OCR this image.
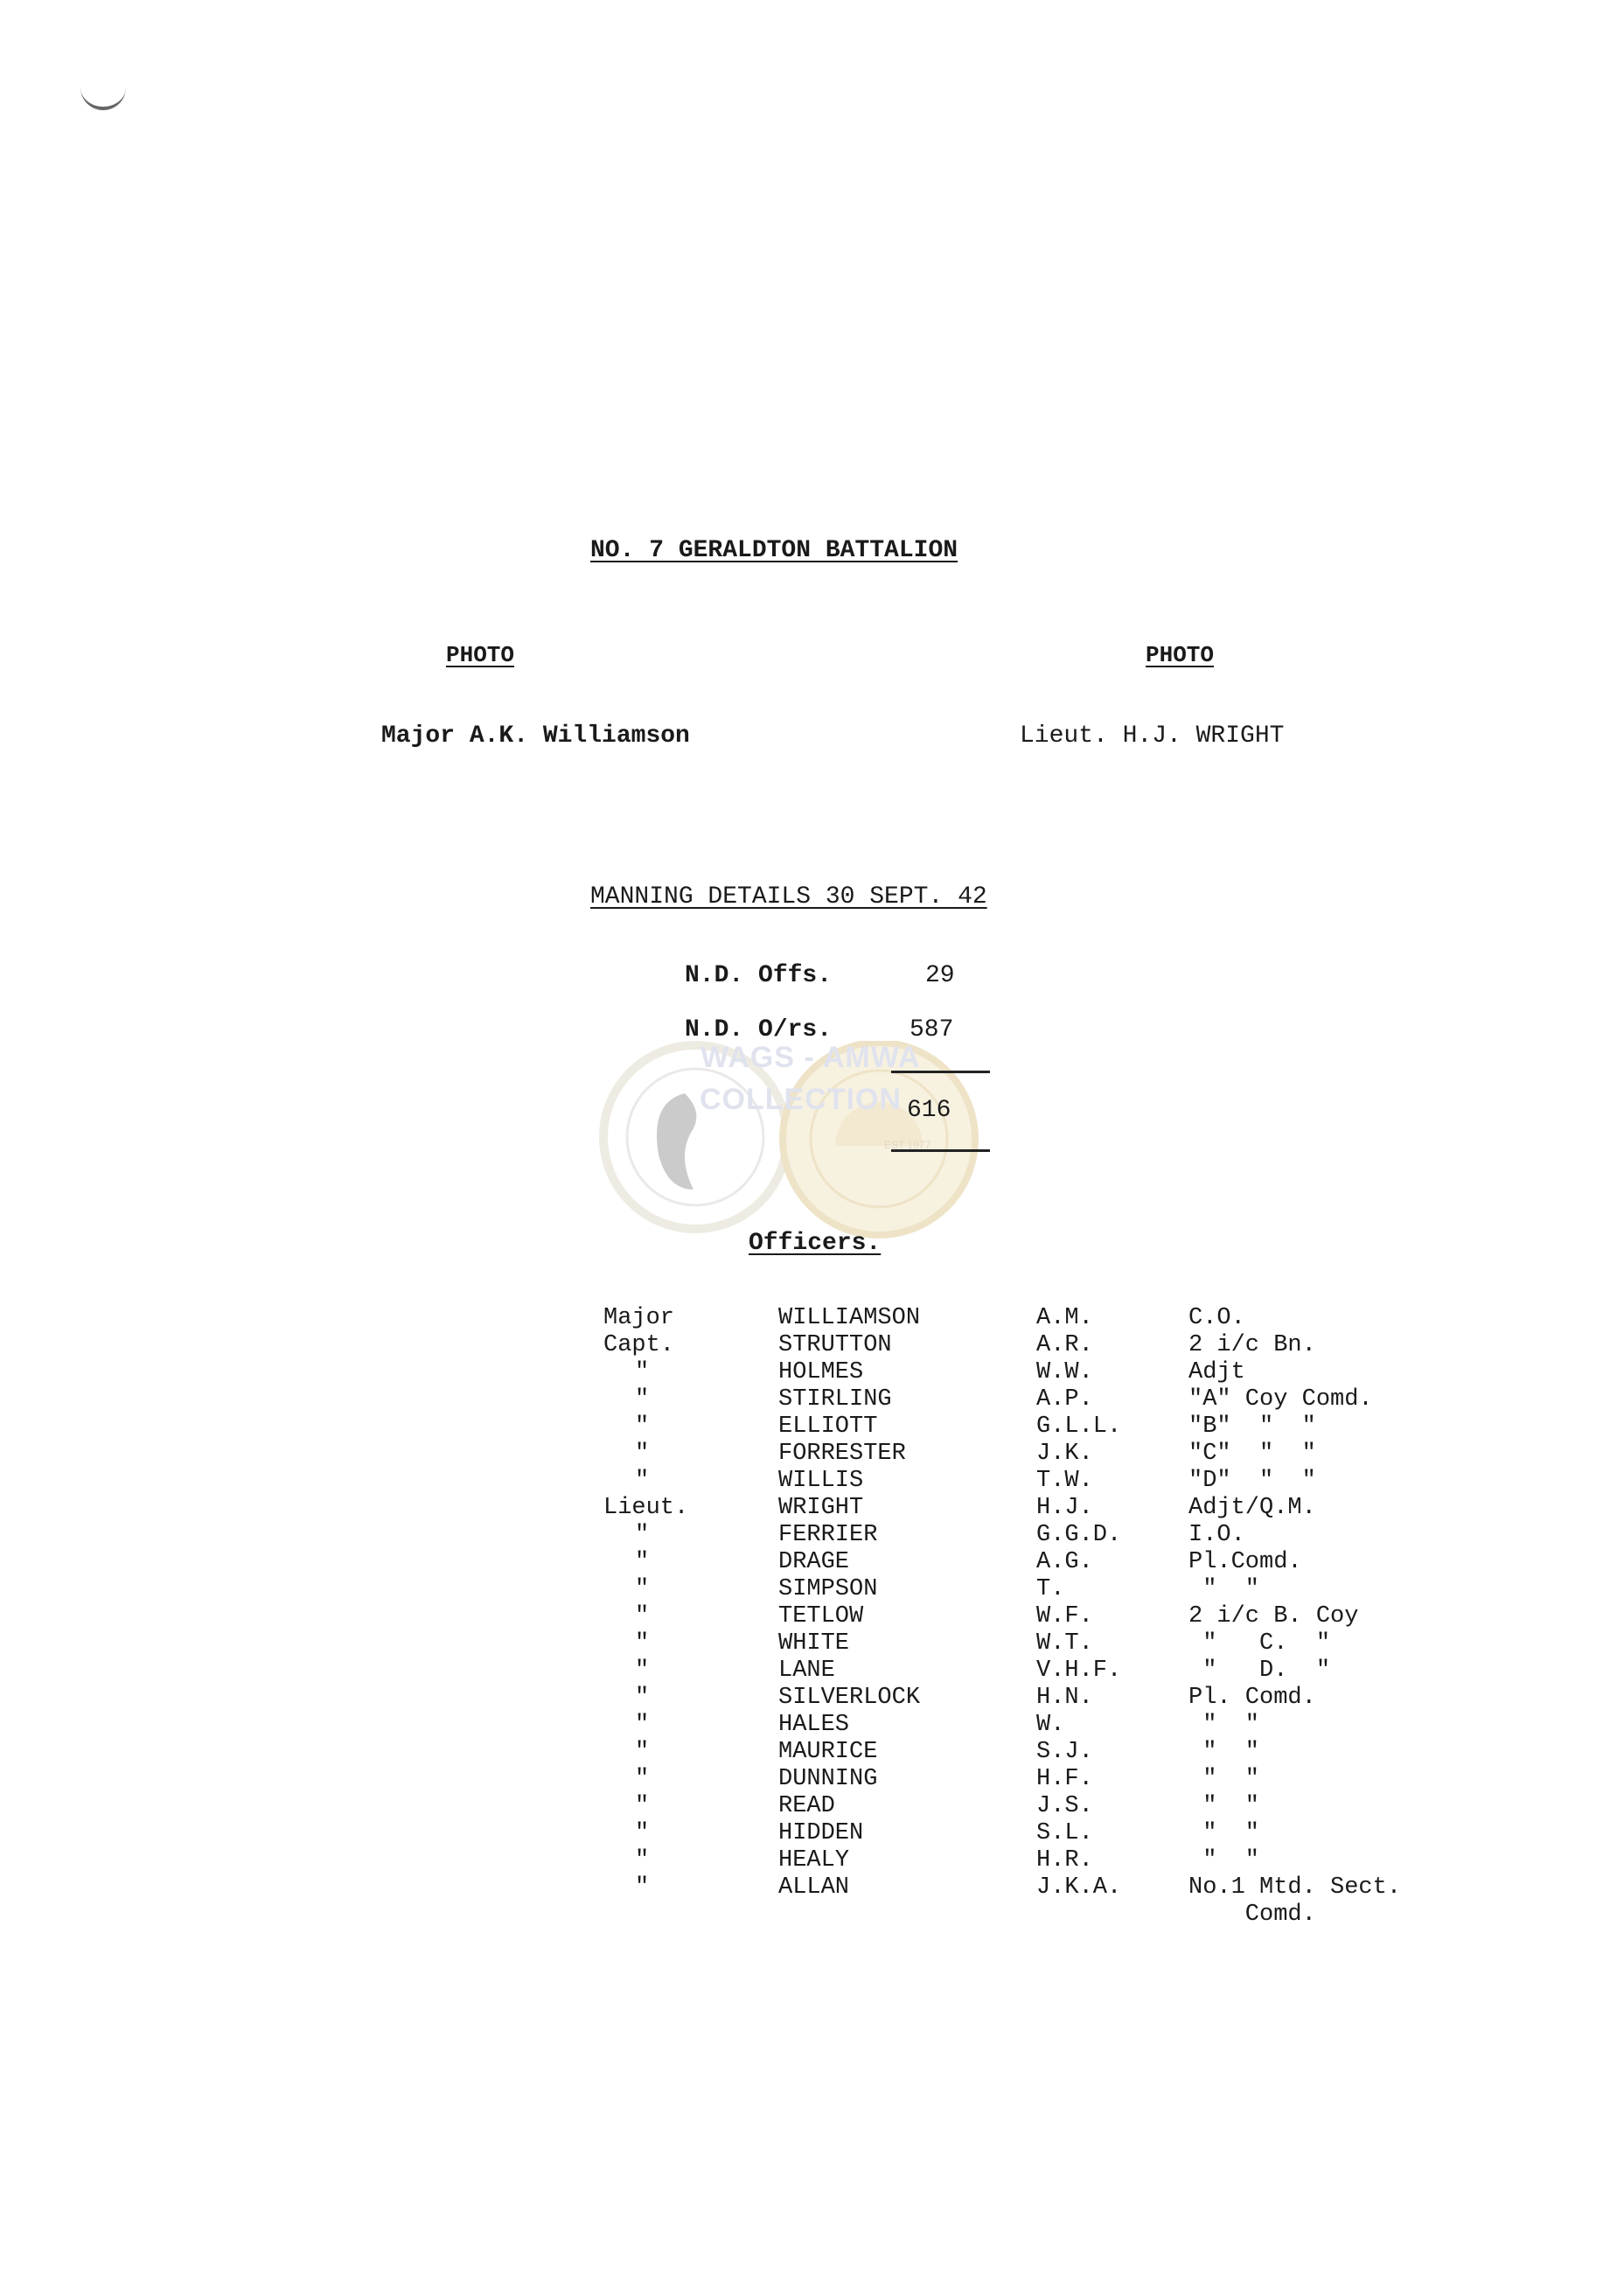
NO. 7 GERALDTON BATTALION
PHOTO	PHOTO
Major A.K. Williamson	Lieut. H.J. WRIGHT
MANNING DETAILS 30 SEPT. 42
N.D. Offs.	29
N.D. O/rs.	587
WAGS - AMWA
COLLECTION
EST 1977
616
Officers.
Major	WILLIAMSON	A.M.	C.O.
Capt.	STRUTTON	A.R.	2 i/c Bn.
"	HOLMES	W.W.	Adjt
"	STIRLING	A.P.	"A" Coy Comd.
"	ELLIOTT	G.L.L.	"B"  "  "
"	FORRESTER	J.K.	"C"  "  "
"	WILLIS	T.W.	"D"  "  "
Lieut.	WRIGHT	H.J.	Adjt/Q.M.
"	FERRIER	G.G.D.	I.O.
"	DRAGE	A.G.	Pl.Comd.
"	SIMPSON	T.	"  "
"	TETLOW	W.F.	2 i/c B. Coy
"	WHITE	W.T.	"   C.  "
"	LANE	V.H.F.	"   D.  "
"	SILVERLOCK	H.N.	Pl. Comd.
"	HALES	W.	"  "
"	MAURICE	S.J.	"  "
"	DUNNING	H.F.	"  "
"	READ	J.S.	"  "
"	HIDDEN	S.L.	"  "
"	HEALY	H.R.	"  "
"	ALLAN	J.K.A.	No.1 Mtd. Sect.
Comd.
